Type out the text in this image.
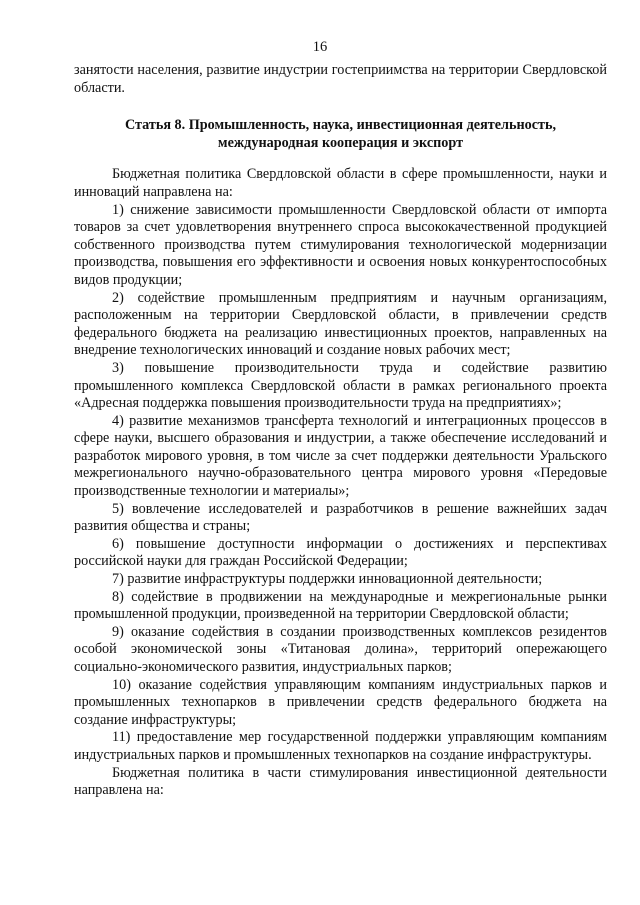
16

занятости населения, развитие индустрии гостеприимства на территории Свердловской области.

Статья 8. Промышленность, наука, инвестиционная деятельность,
международная кооперация и экспорт

Бюджетная политика Свердловской области в сфере промышленности, науки и инноваций направлена на:

1) снижение зависимости промышленности Свердловской области от импорта товаров за счет удовлетворения внутреннего спроса высококачественной продукцией собственного производства путем стимулирования технологической модернизации производства, повышения его эффективности и освоения новых конкурентоспособных видов продукции;

2) содействие промышленным предприятиям и научным организациям, расположенным на территории Свердловской области, в привлечении средств федерального бюджета на реализацию инвестиционных проектов, направленных на внедрение технологических инноваций и создание новых рабочих мест;

3) повышение производительности труда и содействие развитию промышленного комплекса Свердловской области в рамках регионального проекта «Адресная поддержка повышения производительности труда на предприятиях»;

4) развитие механизмов трансферта технологий и интеграционных процессов в сфере науки, высшего образования и индустрии, а также обеспечение исследований и разработок мирового уровня, в том числе за счет поддержки деятельности Уральского межрегионального научно-образовательного центра мирового уровня «Передовые производственные технологии и материалы»;

5) вовлечение исследователей и разработчиков в решение важнейших задач развития общества и страны;

6) повышение доступности информации о достижениях и перспективах российской науки для граждан Российской Федерации;

7) развитие инфраструктуры поддержки инновационной деятельности;

8) содействие в продвижении на международные и межрегиональные рынки промышленной продукции, произведенной на территории Свердловской области;

9) оказание содействия в создании производственных комплексов резидентов особой экономической зоны «Титановая долина», территорий опережающего социально-экономического развития, индустриальных парков;

10) оказание содействия управляющим компаниям индустриальных парков и промышленных технопарков в привлечении средств федерального бюджета на создание инфраструктуры;

11) предоставление мер государственной поддержки управляющим компаниям индустриальных парков и промышленных технопарков на создание инфраструктуры.

Бюджетная политика в части стимулирования инвестиционной деятельности направлена на:
